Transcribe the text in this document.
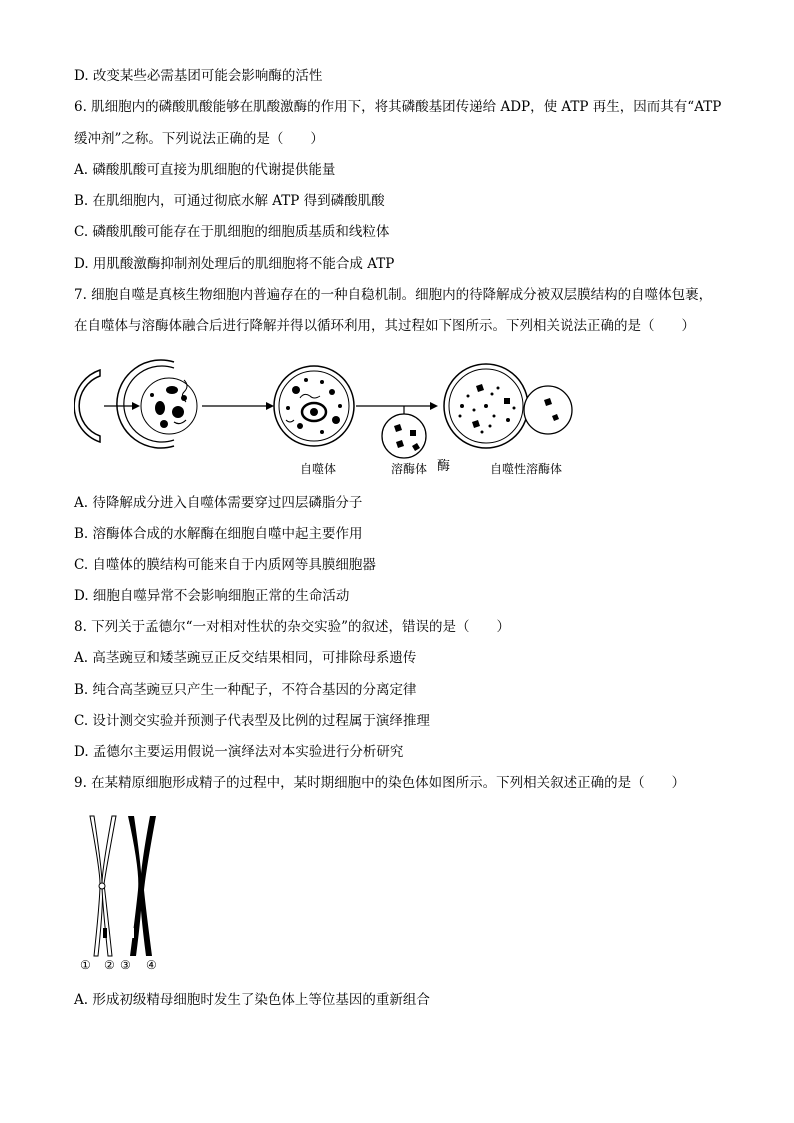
D. 改变某些必需基团可能会影响酶的活性
6. 肌细胞内的磷酸肌酸能够在肌酸激酶的作用下，将其磷酸基团传递给 ADP，使 ATP 再生，因而其有“ATP
缓冲剂”之称。下列说法正确的是（　　）
A. 磷酸肌酸可直接为肌细胞的代谢提供能量
B. 在肌细胞内，可通过彻底水解 ATP 得到磷酸肌酸
C. 磷酸肌酸可能存在于肌细胞的细胞质基质和线粒体
D. 用肌酸激酶抑制剂处理后的肌细胞将不能合成 ATP
7. 细胞自噬是真核生物细胞内普遍存在的一种自稳机制。细胞内的待降解成分被双层膜结构的自噬体包裹，
在自噬体与溶酶体融合后进行降解并得以循环利用，其过程如下图所示。下列相关说法正确的是（　　）
自噬体	溶酶体 酶	自噬性溶酶体
A. 待降解成分进入自噬体需要穿过四层磷脂分子
B. 溶酶体合成的水解酶在细胞自噬中起主要作用
C. 自噬体的膜结构可能来自于内质网等具膜细胞器
D. 细胞自噬异常不会影响细胞正常的生命活动
8. 下列关于孟德尔“一对相对性状的杂交实验”的叙述，错误的是（　　）
A. 高茎豌豆和矮茎豌豆正反交结果相同，可排除母系遗传
B. 纯合高茎豌豆只产生一种配子，不符合基因的分离定律
C. 设计测交实验并预测子代表型及比例的过程属于演绎推理
D. 孟德尔主要运用假说一演绎法对本实验进行分析研究
9. 在某精原细胞形成精子的过程中，某时期细胞中的染色体如图所示。下列相关叙述正确的是（　　）
① ② ③ ④
A. 形成初级精母细胞时发生了染色体上等位基因的重新组合
